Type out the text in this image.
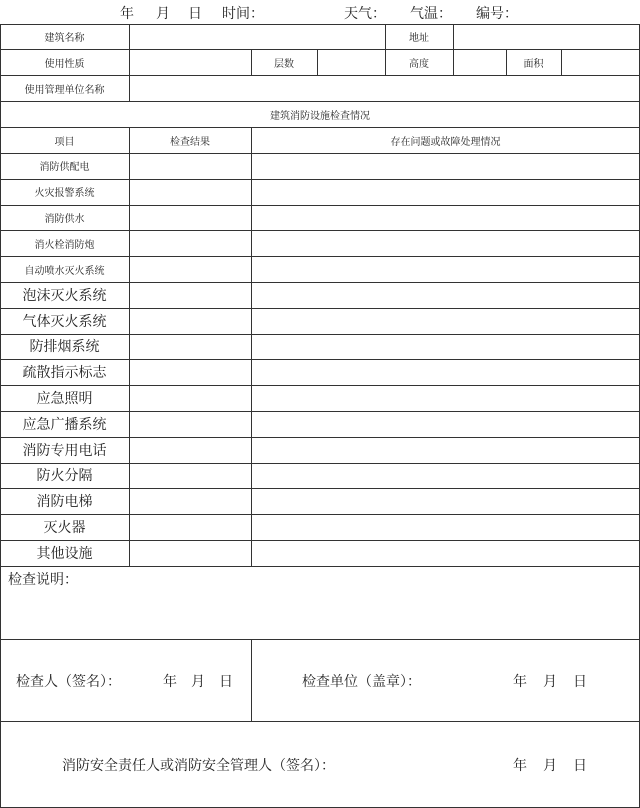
年 月 日 时间：	天气： 气温： 编号：
建筑名称	地址
使用性质	层数	高度	面积
使用管理单位名称
建筑消防设施检查情况
项目	检查结果	存在问题或故障处理情况
消防供配电
火灾报警系统
消防供水
消火栓消防炮
自动喷水灭火系统
泡沫灭火系统
气体灭火系统
防排烟系统
疏散指示标志
应急照明
应急广播系统
消防专用电话
防火分隔
消防电梯
灭火器
其他设施
检查说明：
检查人（签名）：	年 月 日	检查单位（盖章）：	年 月 日
消防安全责任人或消防安全管理人（签名）：	年 月 日
